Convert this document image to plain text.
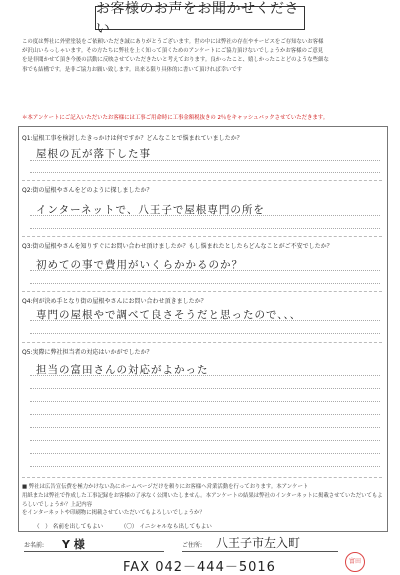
お客様のお声をお聞かせください
この度は弊社に外壁塗装をご依頼いただき誠にありがとうございます。世の中には弊社の存在やサービスをご存知ないお客様
が沢山いらっしゃいます。その方たちに弊社を上く知って頂くためのアンケートにご協力頂けないでしょうかお客様のご意見
を是非聞かせて頂き今後の活動に反映させていただきたいと考えております。良かったこと、嬉しかったことどのような些細な
事でも結構です。是非ご協力お願い致します。出来る限り具体的に書いて頂ければ幸いです
＊本アンケートにご記入いただいたお客様には工事ご用命時に工事金額税抜きの 2％をキャッシュバックさせていただきます。
Q1:屋根工事を検討したきっかけは何ですか？どんなことで悩まれていましたか？
屋根の瓦が落下した事
Q2:街の屋根やさんをどのように探しましたか？
インターネットで、八王子で屋根専門の所を
Q3:街の屋根やさんを知りすぐにお問い合わせ頂けましたか？もし悩まれたとしたらどんなことがご不安でしたか？
初めての事で費用がいくらかかるのか？
Q4:何が決め手となり街の屋根やさんにお問い合わせ頂きましたか？
専門の屋根やで調べて良さそうだと思ったので、、、
Q5:実際に弊社担当者の対応はいかがでしたか？
担当の富田さんの対応がよかった
■ 弊社は広告宣伝費を極力かけない為にホームページだけを頼りにお客様へ営業活動を行っております。本アンケート
用紙または弊社で作成した工事記録をお客様の了承なく公開いたしません。本アンケートの結果は弊社のインターネットに掲載させていただいてもよろしいでしょうか？上記内容
をインターネットや印刷物に掲載させていただいてもよろしいでしょうか？
（　） 名前を出してもよい	（〇） イニシャルなら出してもよい
お名前: Y 様	ご住所: 八王子市左入町
FAX 042－444－5016	富田
